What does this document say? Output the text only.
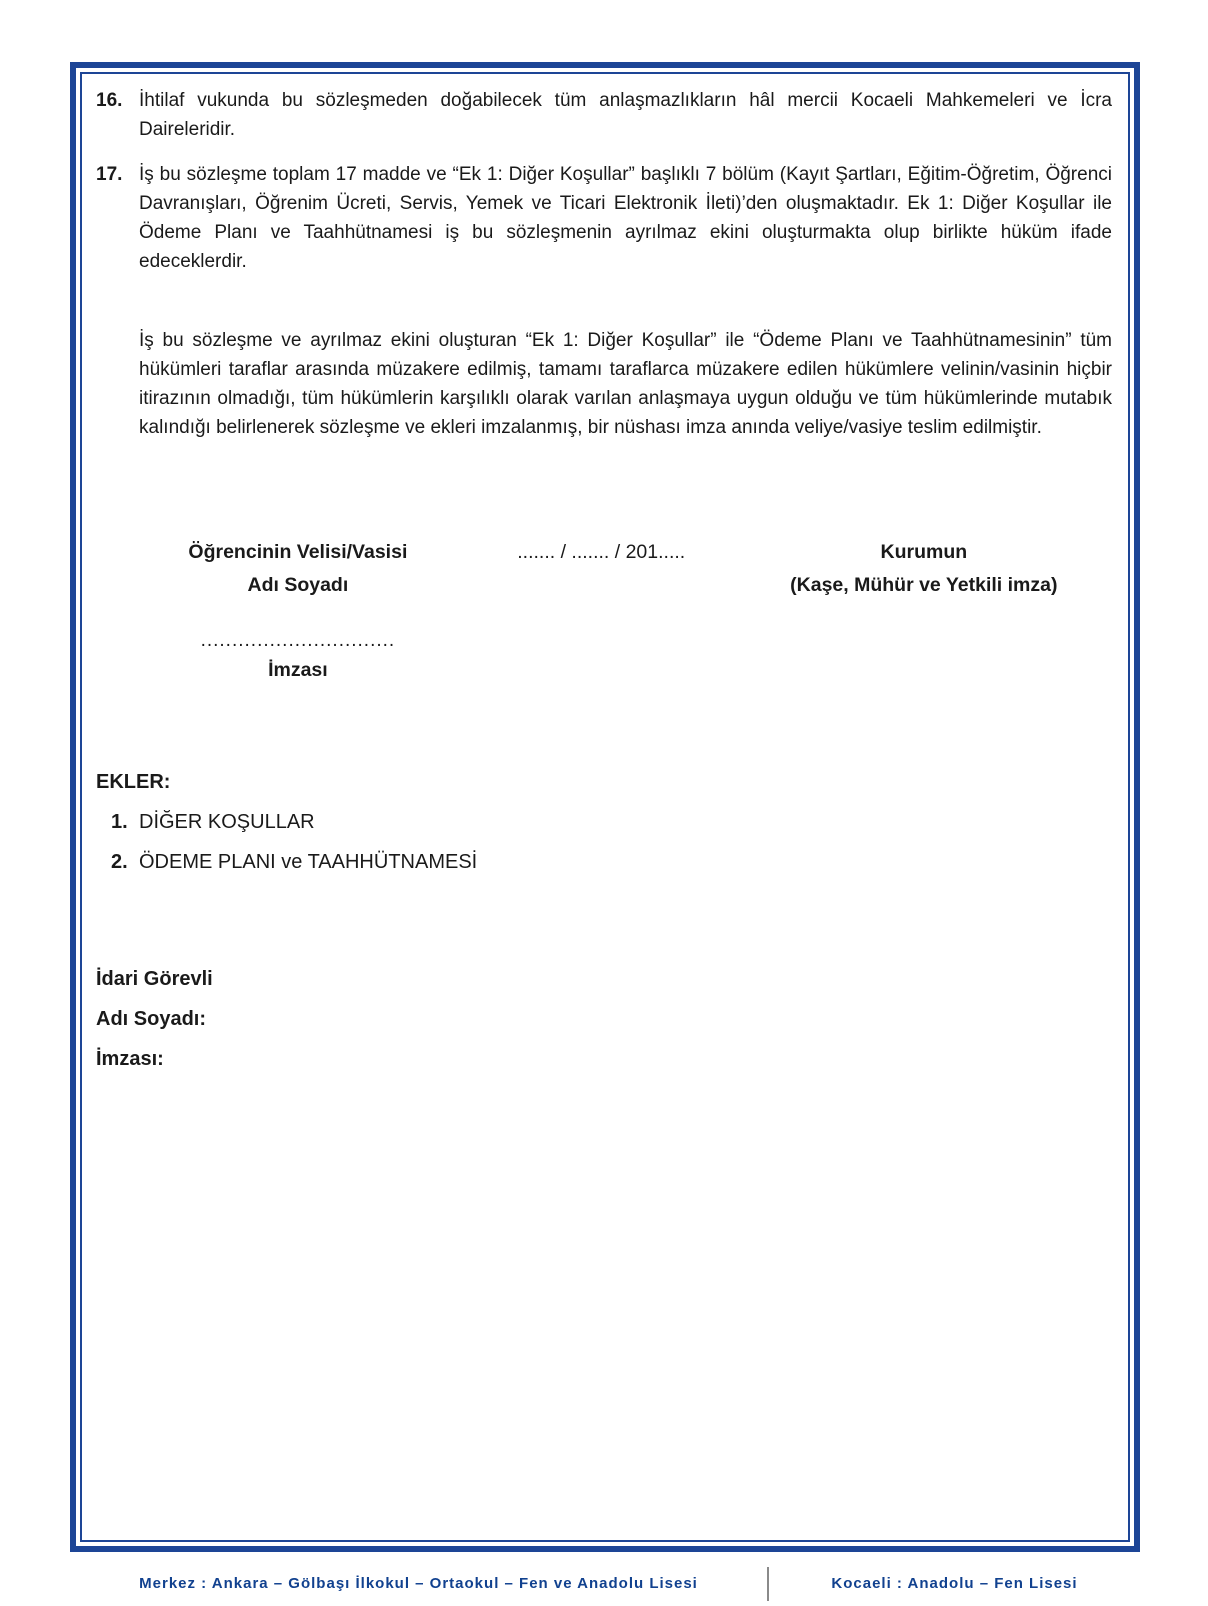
16. İhtilaf vukunda bu sözleşmeden doğabilecek tüm anlaşmazlıkların hâl mercii Kocaeli Mahkemeleri ve İcra Daireleridir.
17. İş bu sözleşme toplam 17 madde ve “Ek 1: Diğer Koşullar” başlıklı 7 bölüm (Kayıt Şartları, Eğitim-Öğretim, Öğrenci Davranışları, Öğrenim Ücreti, Servis, Yemek ve Ticari Elektronik İleti)’den oluşmaktadır. Ek 1: Diğer Koşullar ile Ödeme Planı ve Taahhütnamesi iş bu sözleşmenin ayrılmaz ekini oluşturmakta olup birlikte hüküm ifade edeceklerdir.

İş bu sözleşme ve ayrılmaz ekini oluşturan “Ek 1: Diğer Koşullar” ile “Ödeme Planı ve Taahhütnamesinin” tüm hükümleri taraflar arasında müzakere edilmiş, tamamı taraflarca müzakere edilen hükümlere velinin/vasinin hiçbir itirazının olmadığı, tüm hükümlerin karşılıklı olarak varılan anlaşmaya uygun olduğu ve tüm hükümlerinde mutabık kalındığı belirlenerek sözleşme ve ekleri imzalanmış, bir nüshası imza anında veliye/vasiye teslim edilmiştir.

Öğrencinin Velisi/Vasisi
Adı Soyadı
...............................
İmzası
....... / ....... / 201.....	Kurumun
(Kaşe, Mühür ve Yetkili imza)
EKLER:
1. DİĞER KOŞULLAR
2. ÖDEME PLANI ve TAAHHÜTNAMESİ
İdari Görevli
Adı Soyadı:
İmzası:
Merkez : Ankara – Gölbaşı İlkokul – Ortaokul – Fen ve Anadolu Lisesi	Kocaeli : Anadolu – Fen Lisesi
